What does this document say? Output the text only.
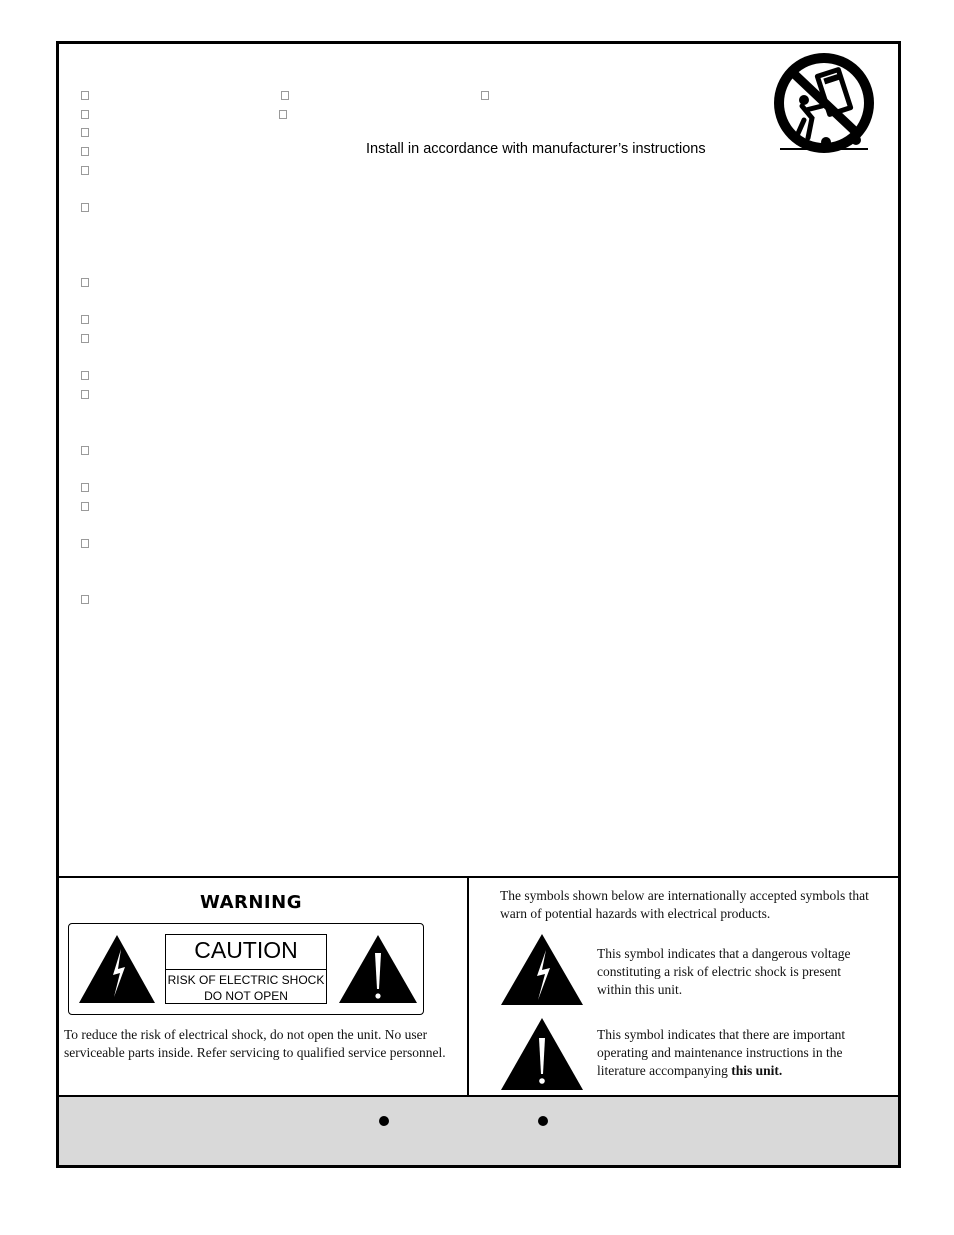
Install in accordance with manufacturer’s instructions
WARNING
CAUTION
RISK OF ELECTRIC SHOCK
DO NOT OPEN
To reduce the risk of electrical shock, do not open the unit. No user serviceable parts inside. Refer servicing to qualified service personnel.
The symbols shown below are internationally accepted symbols that warn of potential hazards with electrical products.
This symbol indicates that a dangerous voltage constituting a risk of electric shock is present within this unit.
This symbol indicates that there are important operating and maintenance instructions in the literature accompanying this unit.
